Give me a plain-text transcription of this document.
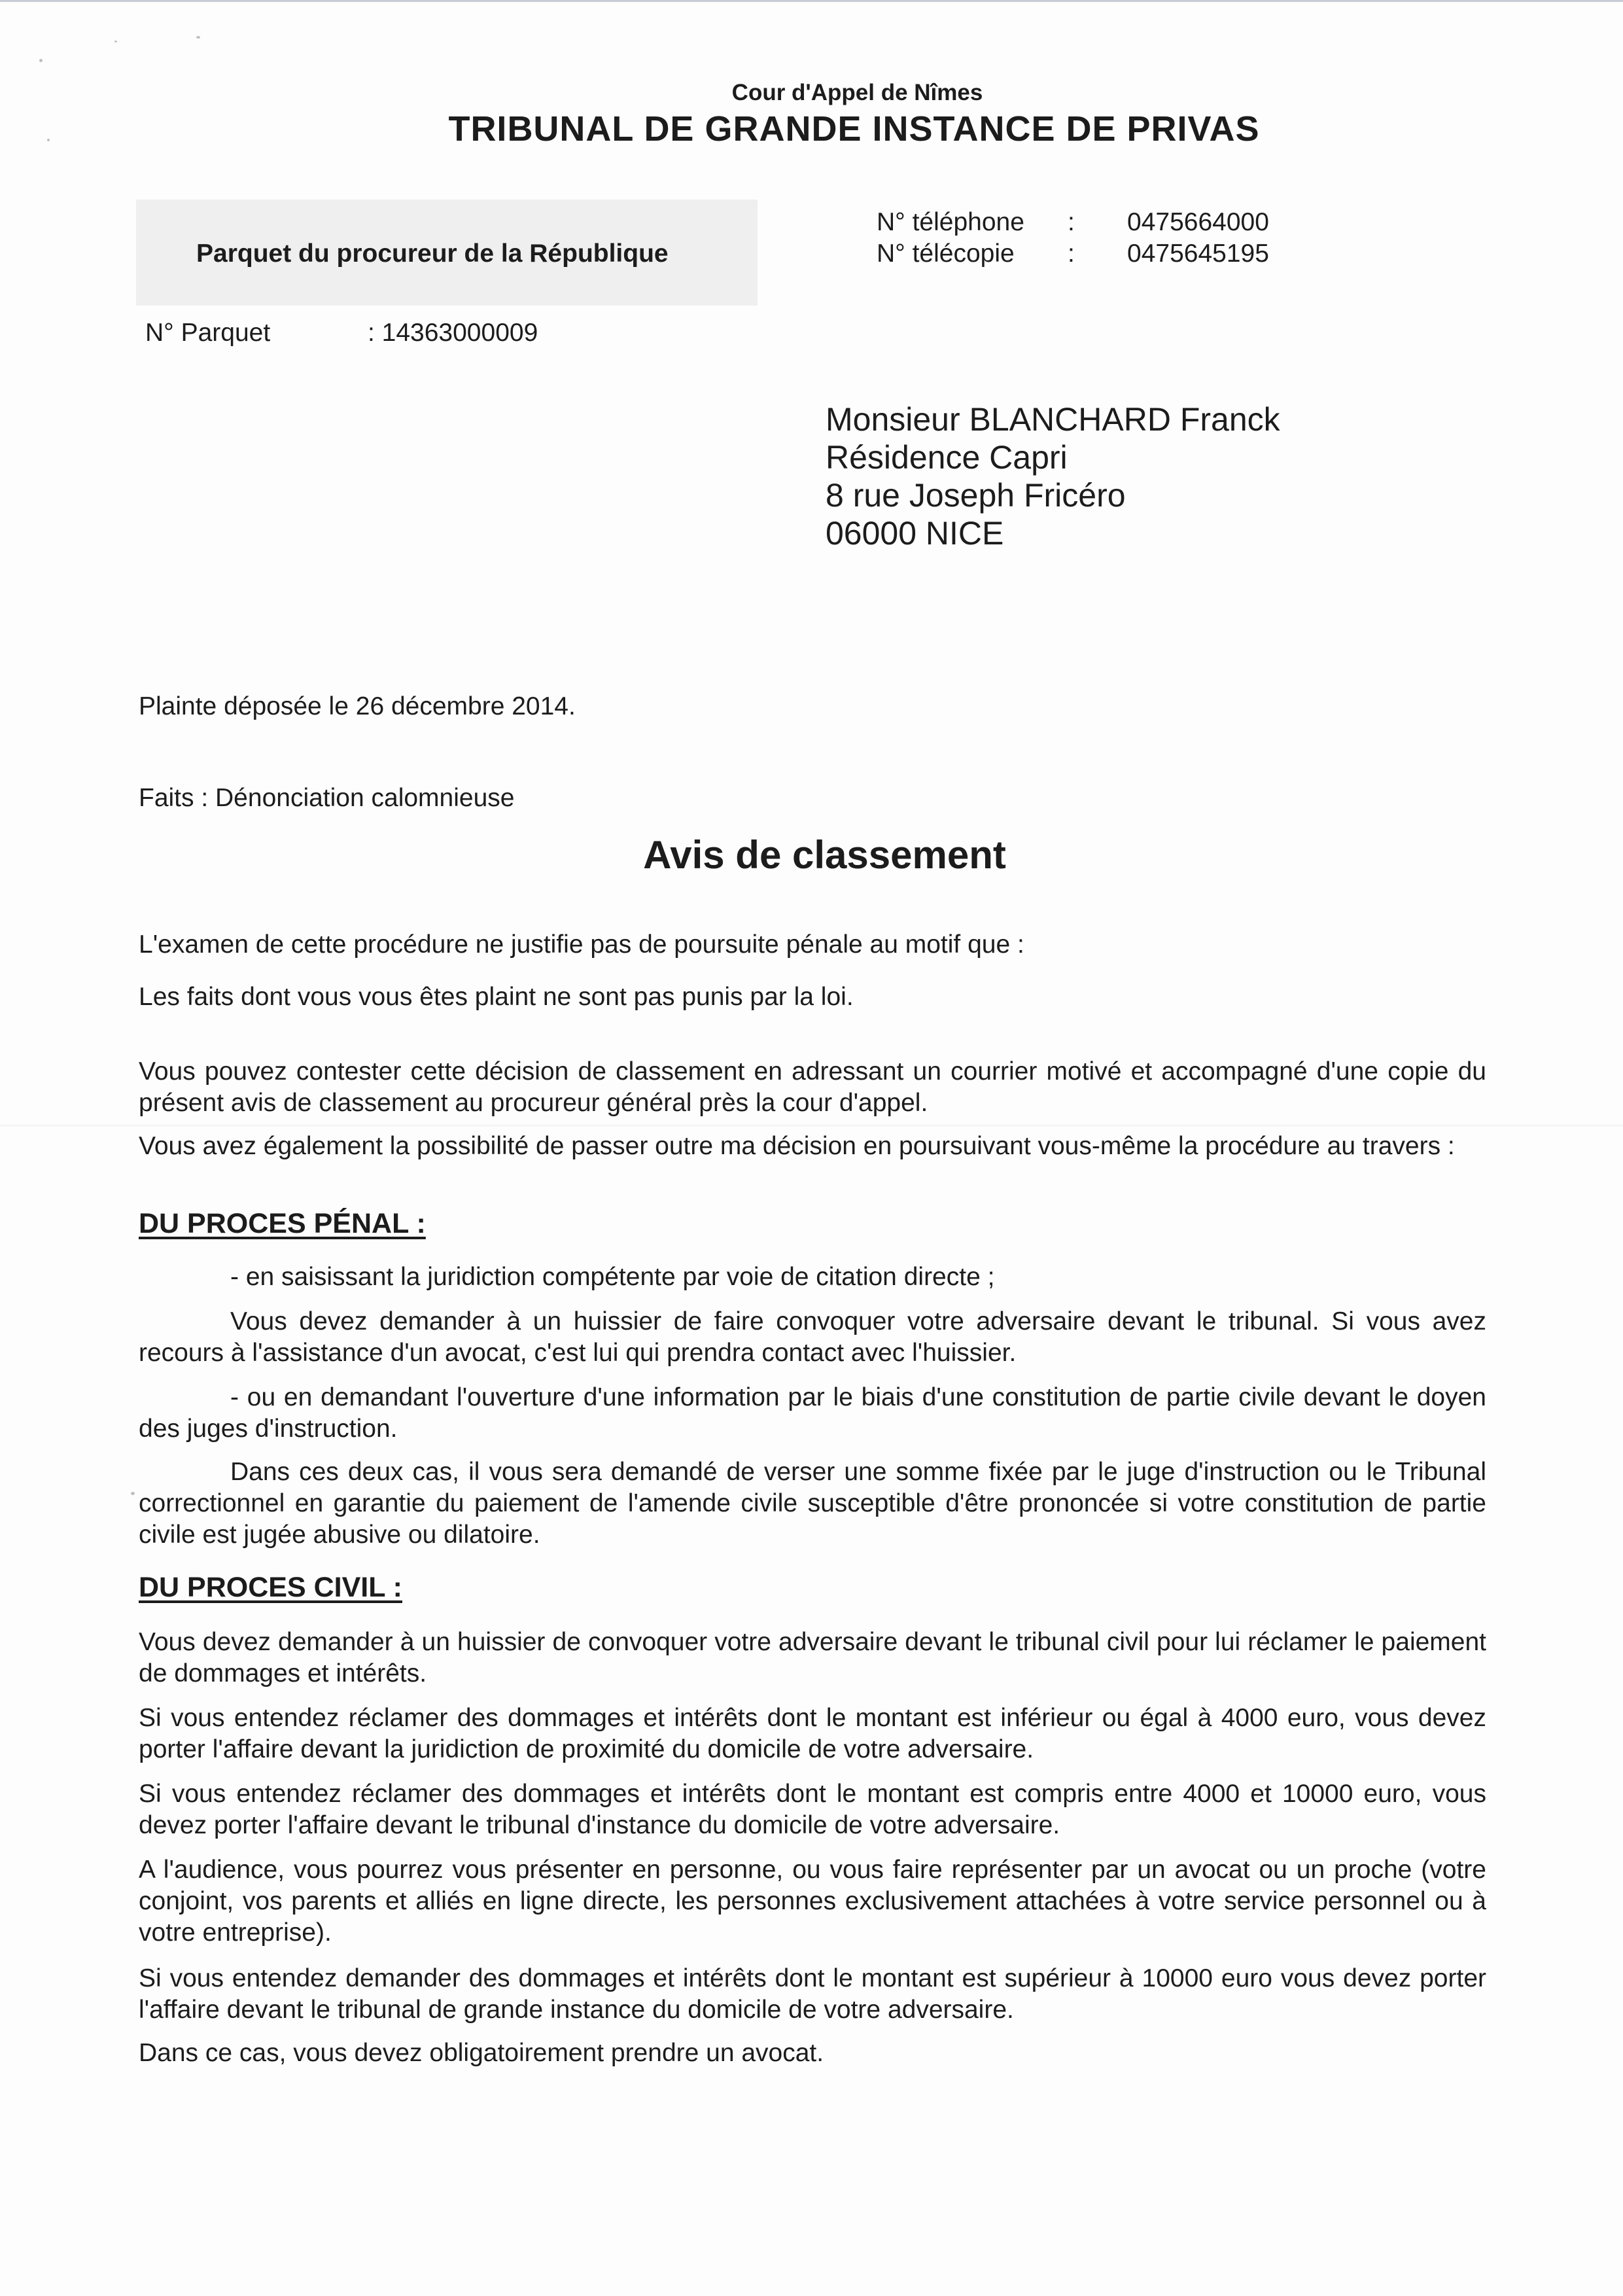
Cour d'Appel de Nîmes
TRIBUNAL DE GRANDE INSTANCE DE PRIVAS
Parquet du procureur de la République
N° téléphone : 0475664000
N° télécopie : 0475645195
N° Parquet	: 14363000009
Monsieur BLANCHARD Franck
Résidence Capri
8 rue Joseph Fricéro
06000 NICE
Plainte déposée le 26 décembre 2014.
Faits : Dénonciation calomnieuse
Avis de classement
L'examen de cette procédure ne justifie pas de poursuite pénale au motif que :
Les faits dont vous vous êtes plaint ne sont pas punis par la loi.
Vous pouvez contester cette décision de classement en adressant un courrier motivé et accompagné d'une copie du présent avis de classement au procureur général près la cour d'appel.
Vous avez également la possibilité de passer outre ma décision en poursuivant vous-même la procédure au travers :
DU PROCES PÉNAL :
- en saisissant la juridiction compétente par voie de citation directe ;
Vous devez demander à un huissier de faire convoquer votre adversaire devant le tribunal. Si vous avez recours à l'assistance d'un avocat, c'est lui qui prendra contact avec l'huissier.
- ou en demandant l'ouverture d'une information par le biais d'une constitution de partie civile devant le doyen des juges d'instruction.
Dans ces deux cas, il vous sera demandé de verser une somme fixée par le juge d'instruction ou le Tribunal correctionnel en garantie du paiement de l'amende civile susceptible d'être prononcée si votre constitution de partie civile est jugée abusive ou dilatoire.
DU PROCES CIVIL :
Vous devez demander à un huissier de convoquer votre adversaire devant le tribunal civil pour lui réclamer le paiement de dommages et intérêts.
Si vous entendez réclamer des dommages et intérêts dont le montant est inférieur ou égal à 4000 euro, vous devez porter l'affaire devant la juridiction de proximité du domicile de votre adversaire.
Si vous entendez réclamer des dommages et intérêts dont le montant est compris entre 4000 et 10000 euro, vous devez porter l'affaire devant le tribunal d'instance du domicile de votre adversaire.
A l'audience, vous pourrez vous présenter en personne, ou vous faire représenter par un avocat ou un proche (votre conjoint, vos parents et alliés en ligne directe, les personnes exclusivement attachées à votre service personnel ou à votre entreprise).
Si vous entendez demander des dommages et intérêts dont le montant est supérieur à 10000 euro vous devez porter l'affaire devant le tribunal de grande instance du domicile de votre adversaire.
Dans ce cas, vous devez obligatoirement prendre un avocat.
